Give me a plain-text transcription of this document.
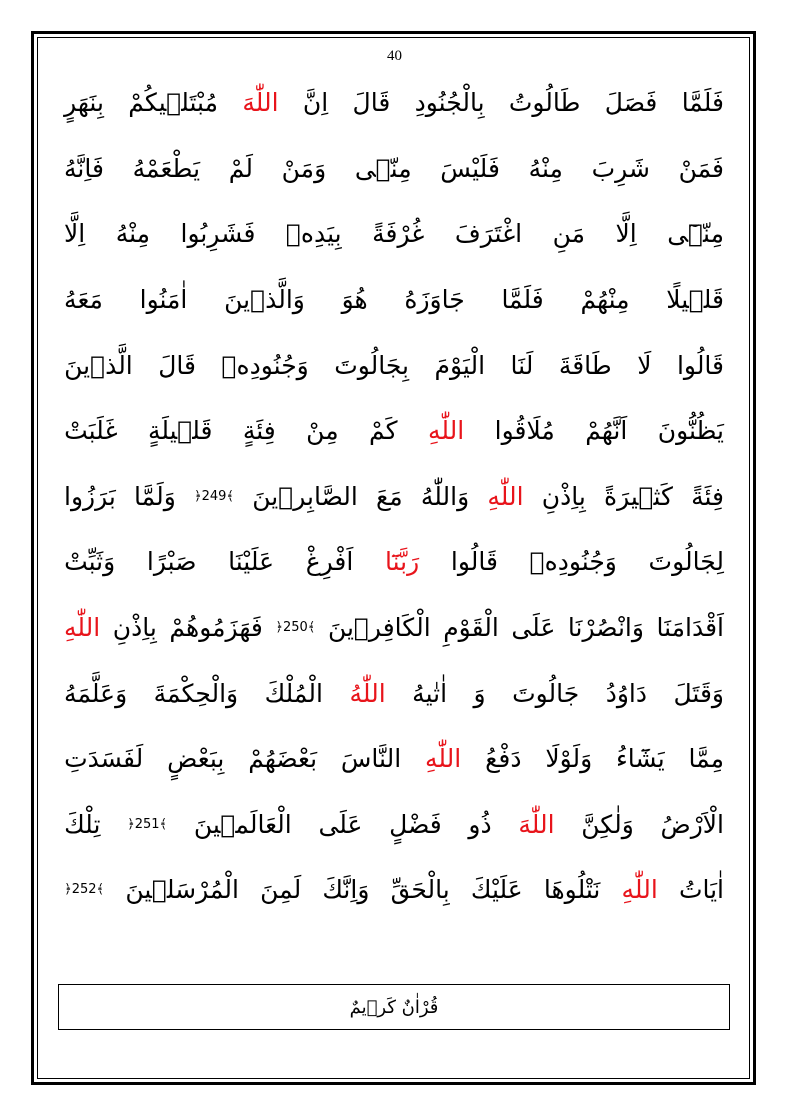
40
فَلَمَّا
فَصَلَ
طَالُوتُ
بِالْجُنُودِ
قَالَ
اِنَّ
اللّٰهَ
مُبْتَلٖيكُمْ
بِنَهَرٍ
فَمَنْ
شَرِبَ
مِنْهُ
فَلَيْسَ
مِنّٖى
وَمَنْ
لَمْ
يَطْعَمْهُ
فَاِنَّهُ
مِنّٖٓى
اِلَّا
مَنِ
اغْتَرَفَ
غُرْفَةً
بِيَدِهٖ
فَشَرِبُوا
مِنْهُ
اِلَّا
قَلٖيلًا
مِنْهُمْ
فَلَمَّا
جَاوَزَهُ
هُوَ
وَالَّذٖينَ
اٰمَنُوا
مَعَهُ
قَالُوا
لَا
طَاقَةَ
لَنَا
الْيَوْمَ
بِجَالُوتَ
وَجُنُودِهٖ
قَالَ
الَّذٖينَ
يَظُنُّونَ
اَنَّهُمْ
مُلَاقُوا
اللّٰهِ
كَمْ
مِنْ
فِئَةٍ
قَلٖيلَةٍ
غَلَبَتْ
فِئَةً
كَثٖيرَةً
بِاِذْنِ
اللّٰهِ
وَاللّٰهُ
مَعَ
الصَّابِرٖينَ
﴾249﴿
وَلَمَّا
بَرَزُوا
لِجَالُوتَ
وَجُنُودِهٖ
قَالُوا
رَبَّنَٓا
اَفْرِغْ
عَلَيْنَا
صَبْرًا
وَثَبِّتْ
اَقْدَامَنَا
وَانْصُرْنَا
عَلَى
الْقَوْمِ
الْكَافِرٖينَ
﴾250﴿
فَهَزَمُوهُمْ
بِاِذْنِ
اللّٰهِ
وَقَتَلَ
دَاوُدُ
جَالُوتَ
وَ
اٰتٰيهُ
اللّٰهُ
الْمُلْكَ
وَالْحِكْمَةَ
وَعَلَّمَهُ
مِمَّا
يَشَٓاءُ
وَلَوْلَا
دَفْعُ
اللّٰهِ
النَّاسَ
بَعْضَهُمْ
بِبَعْضٍ
لَفَسَدَتِ
الْاَرْضُ
وَلٰكِنَّ
اللّٰهَ
ذُو
فَضْلٍ
عَلَى
الْعَالَمٖينَ
﴾251﴿
تِلْكَ
اٰيَاتُ
اللّٰهِ
نَتْلُوهَا
عَلَيْكَ
بِالْحَقِّ
وَاِنَّكَ
لَمِنَ
الْمُرْسَلٖينَ
﴾252﴿
قُرْاٰنٌ كَرٖيمٌ
